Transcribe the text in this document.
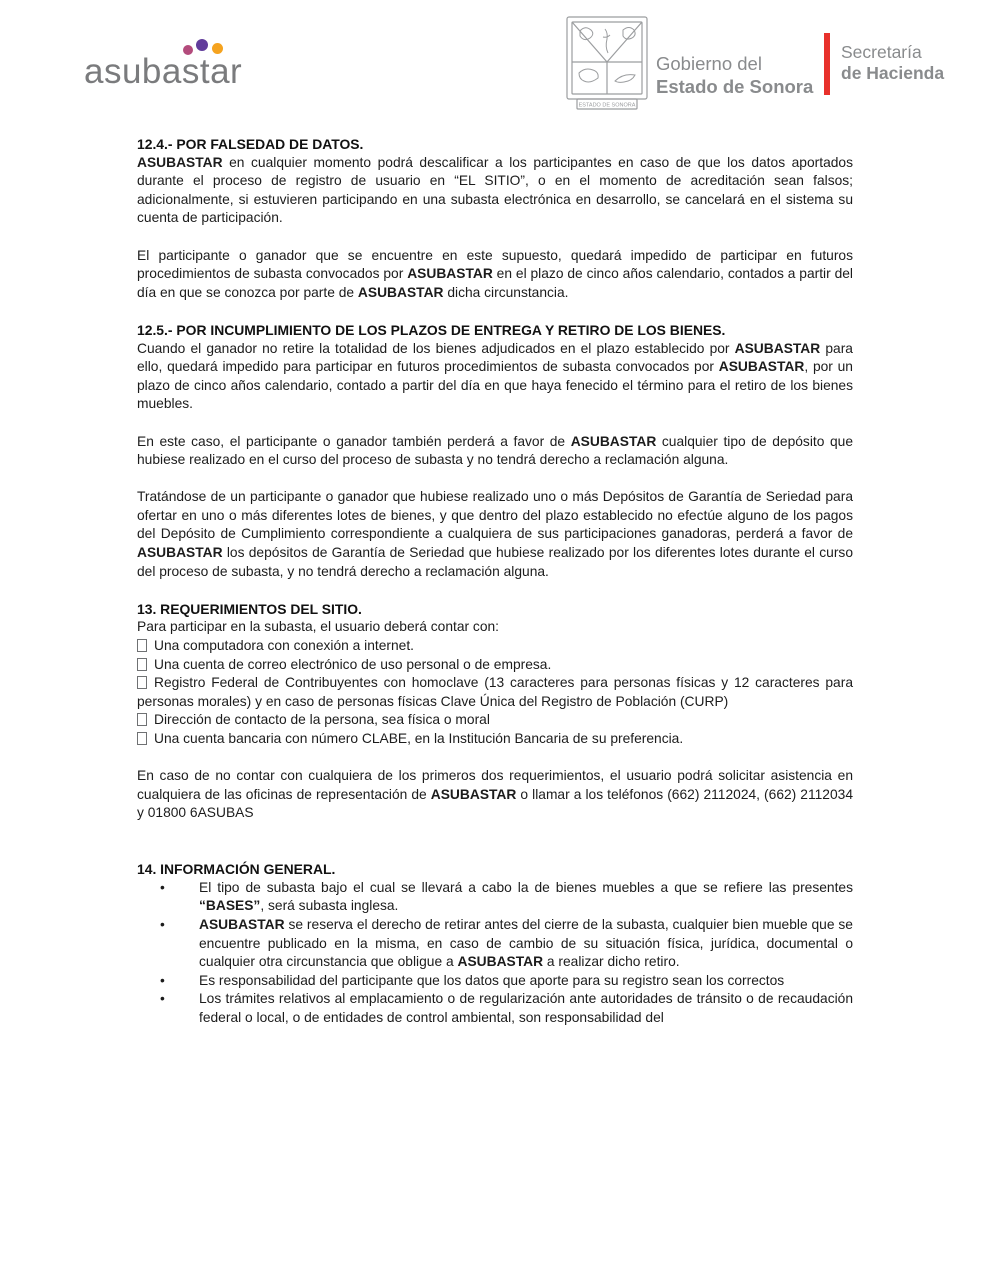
asubastar
ESTADO DE SONORA
Gobierno del
Estado de Sonora
Secretaría
de Hacienda
12.4.- POR FALSEDAD DE DATOS.

ASUBASTAR en cualquier momento podrá descalificar a los participantes en caso de que los datos aportados durante el proceso de registro de usuario en “EL SITIO”, o en el momento de acreditación sean falsos; adicionalmente, si estuvieren participando en una subasta electrónica en desarrollo, se cancelará en el sistema su cuenta de participación.

El participante o ganador que se encuentre en este supuesto, quedará impedido de participar en futuros procedimientos de subasta convocados por ASUBASTAR en el plazo de cinco años calendario, contados a partir del día en que se conozca por parte de ASUBASTAR dicha circunstancia.

12.5.- POR INCUMPLIMIENTO DE LOS PLAZOS DE ENTREGA Y RETIRO DE LOS BIENES.

Cuando el ganador no retire la totalidad de los bienes adjudicados en el plazo establecido por ASUBASTAR para ello, quedará impedido para participar en futuros procedimientos de subasta convocados por ASUBASTAR, por un plazo de cinco años calendario, contado a partir del día en que haya fenecido el término para el retiro de los bienes muebles.

En este caso, el participante o ganador también perderá a favor de ASUBASTAR cualquier tipo de depósito que hubiese realizado en el curso del proceso de subasta y no tendrá derecho a reclamación alguna.

Tratándose de un participante o ganador que hubiese realizado uno o más Depósitos de Garantía de Seriedad para ofertar en uno o más diferentes lotes de bienes, y que dentro del plazo establecido no efectúe alguno de los pagos del Depósito de Cumplimiento correspondiente a cualquiera de sus participaciones ganadoras, perderá a favor de ASUBASTAR los depósitos de Garantía de Seriedad que hubiese realizado por los diferentes lotes durante el curso del proceso de subasta, y no tendrá derecho a reclamación alguna.

13. REQUERIMIENTOS DEL SITIO.

Para participar en la subasta, el usuario deberá contar con:

Una computadora con conexión a internet.
Una cuenta de correo electrónico de uso personal o de empresa.
Registro Federal de Contribuyentes con homoclave (13 caracteres para personas físicas y 12 caracteres para personas morales) y en caso de personas físicas Clave Única del Registro de Población (CURP)
Dirección de contacto de la persona, sea física o moral
Una cuenta bancaria con número CLABE, en la Institución Bancaria de su preferencia.

En caso de no contar con cualquiera de los primeros dos requerimientos, el usuario podrá solicitar asistencia en cualquiera de las oficinas de representación de ASUBASTAR o llamar a los teléfonos (662) 2112024, (662) 2112034 y 01800 6ASUBAS

14. INFORMACIÓN GENERAL.
• El tipo de subasta bajo el cual se llevará a cabo la de bienes muebles a que se refiere las presentes “BASES”, será subasta inglesa.
• ASUBASTAR se reserva el derecho de retirar antes del cierre de la subasta, cualquier bien mueble que se encuentre publicado en la misma, en caso de cambio de su situación física, jurídica, documental o cualquier otra circunstancia que obligue a ASUBASTAR a realizar dicho retiro.
• Es responsabilidad del participante que los datos que aporte para su registro sean los correctos
• Los trámites relativos al emplacamiento o de regularización ante autoridades de tránsito o de recaudación federal o local, o de entidades de control ambiental, son responsabilidad del
